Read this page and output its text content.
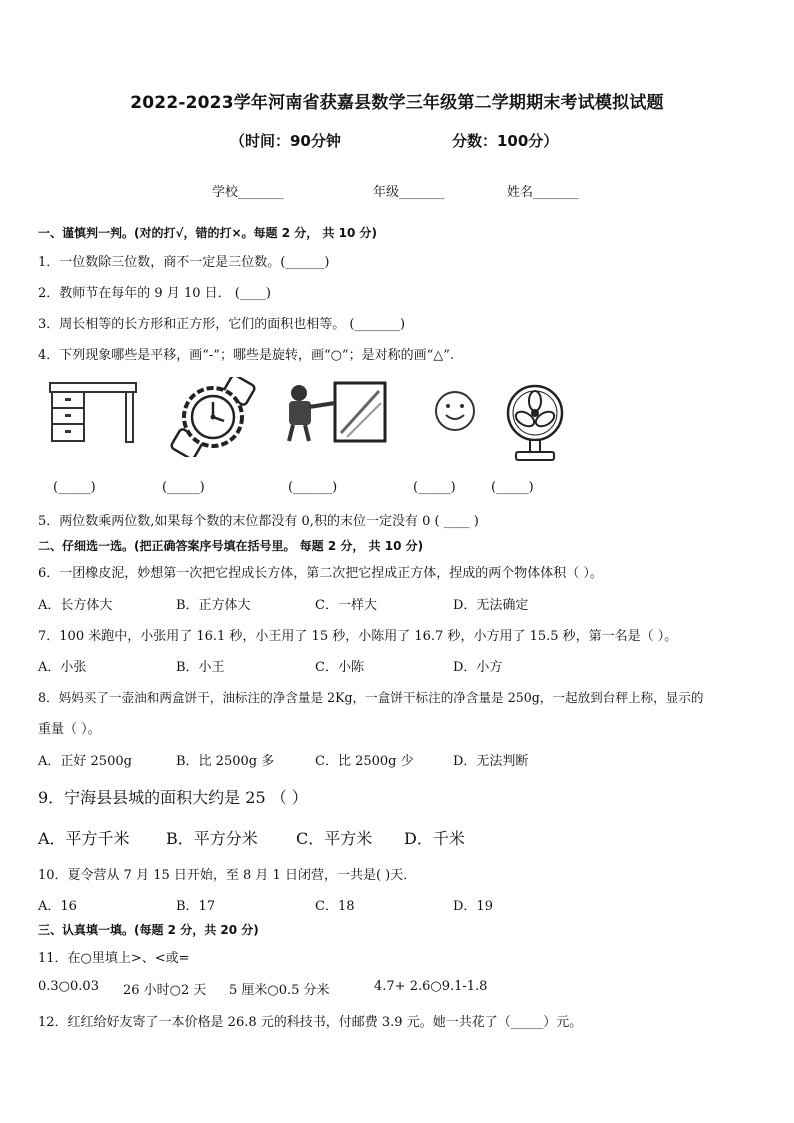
2022-2023学年河南省获嘉县数学三年级第二学期期末考试模拟试题
（时间：90分钟	分数：100分）
学校_______	年级_______	姓名_______
一、谨慎判一判。(对的打√，错的打×。每题 2 分， 共 10 分)
1．一位数除三位数，商不一定是三位数。(______)
2．教师节在每年的 9 月 10 日． (____)
3．周长相等的长方形和正方形，它们的面积也相等。 (_______)
4．下列现象哪些是平移，画“-”；哪些是旋转，画“○”；是对称的画“△”.
(_____)	(_____)	(______)	(_____)	(_____)
5．两位数乘两位数,如果每个数的末位都没有 0,积的末位一定没有 0 ( ____ )
二、仔细选一选。(把正确答案序号填在括号里。 每题 2 分， 共 10 分)
6．一团橡皮泥，妙想第一次把它捏成长方体，第二次把它捏成正方体，捏成的两个物体体积（ ）。
A．长方体大	B．正方体大	C．一样大	D．无法确定
7．100 米跑中，小张用了 16.1 秒，小王用了 15 秒，小陈用了 16.7 秒，小方用了 15.5 秒，第一名是（ ）。
A．小张	B．小王	C．小陈	D．小方
8．妈妈买了一壶油和两盒饼干，油标注的净含量是 2Kg，一盒饼干标注的净含量是 250g，一起放到台秤上称，显示的
重量（ ）。
A．正好 2500g	B．比 2500g 多	C．比 2500g 少	D．无法判断
9．宁海县县城的面积大约是 25 （ ）
A．平方千米 B．平方分米 C．平方米 D．千米
10．夏令营从 7 月 15 日开始，至 8 月 1 日闭营，一共是( )天．
A．16	B．17	C．18	D．19
三、认真填一填。(每题 2 分，共 20 分)
11．在○里填上>、<或=
0.3○0.03 26 小时○2 天 5 厘米○0.5 分米	4.7+ 2.6○9.1-1.8
12．红红给好友寄了一本价格是 26.8 元的科技书，付邮费 3.9 元。她一共花了（_____）元。
